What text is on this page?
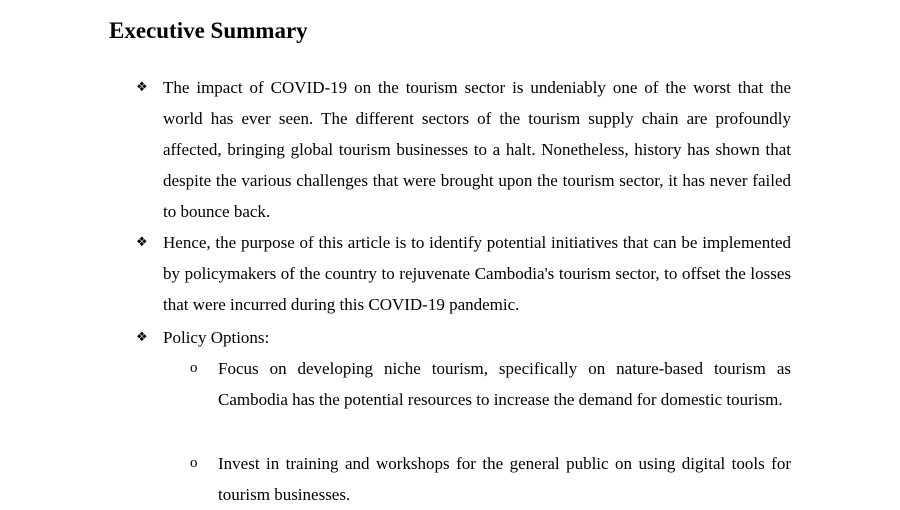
Executive Summary
❖ The impact of COVID-19 on the tourism sector is undeniably one of the worst that the world has ever seen. The different sectors of the tourism supply chain are profoundly affected, bringing global tourism businesses to a halt. Nonetheless, history has shown that despite the various challenges that were brought upon the tourism sector, it has never failed to bounce back.
❖ Hence, the purpose of this article is to identify potential initiatives that can be implemented by policymakers of the country to rejuvenate Cambodia's tourism sector, to offset the losses that were incurred during this COVID-19 pandemic.
❖ Policy Options:
o	Focus on developing niche tourism, specifically on nature-based tourism as Cambodia has the potential resources to increase the demand for domestic tourism.
o	Invest in training and workshops for the general public on using digital tools for tourism businesses.
